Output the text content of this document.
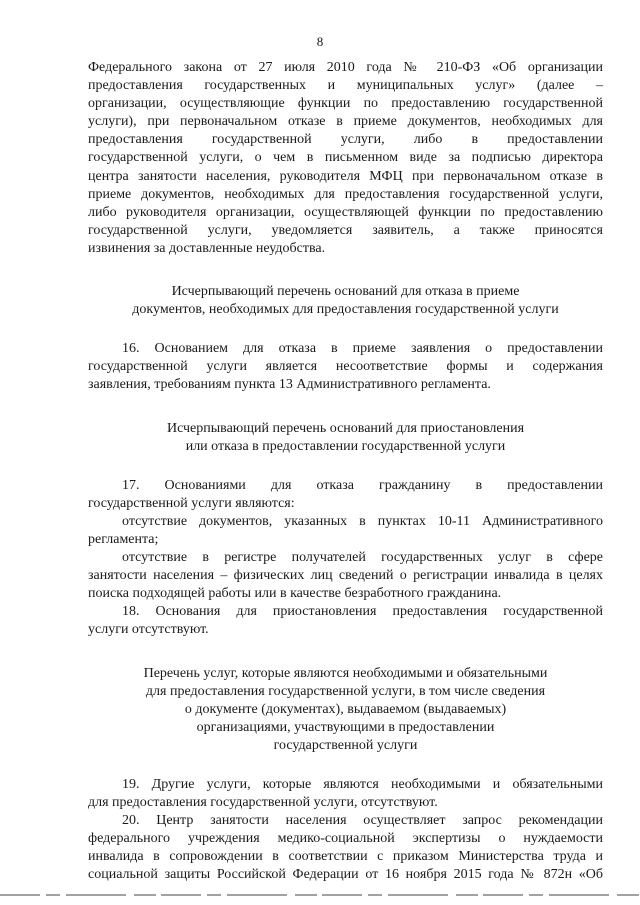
8
Федерального закона от 27 июля 2010 года № 210-ФЗ «Об организации
предоставления государственных и муниципальных услуг» (далее –
организации, осуществляющие функции по предоставлению государственной
услуги), при первоначальном отказе в приеме документов, необходимых для
предоставления государственной услуги, либо в предоставлении
государственной услуги, о чем в письменном виде за подписью директора
центра занятости населения, руководителя МФЦ при первоначальном отказе в
приеме документов, необходимых для предоставления государственной услуги,
либо руководителя организации, осуществляющей функции по предоставлению
государственной услуги, уведомляется заявитель, а также приносятся
извинения за доставленные неудобства.
Исчерпывающий перечень оснований для отказа в приеме
документов, необходимых для предоставления государственной услуги
16. Основанием для отказа в приеме заявления о предоставлении
государственной услуги является несоответствие формы и содержания
заявления, требованиям пункта 13 Административного регламента.
Исчерпывающий перечень оснований для приостановления
или отказа в предоставлении государственной услуги
17. Основаниями для отказа гражданину в предоставлении
государственной услуги являются:
отсутствие документов, указанных в пунктах 10-11 Административного
регламента;
отсутствие в регистре получателей государственных услуг в сфере
занятости населения – физических лиц сведений о регистрации инвалида в целях
поиска подходящей работы или в качестве безработного гражданина.
18. Основания для приостановления предоставления государственной
услуги отсутствуют.
Перечень услуг, которые являются необходимыми и обязательными
для предоставления государственной услуги, в том числе сведения
о документе (документах), выдаваемом (выдаваемых)
организациями, участвующими в предоставлении
государственной услуги
19. Другие услуги, которые являются необходимыми и обязательными
для предоставления государственной услуги, отсутствуют.
20. Центр занятости населения осуществляет запрос рекомендации
федерального учреждения медико-социальной экспертизы о нуждаемости
инвалида в сопровождении в соответствии с приказом Министерства труда и
социальной защиты Российской Федерации от 16 ноября 2015 года № 872н «Об
